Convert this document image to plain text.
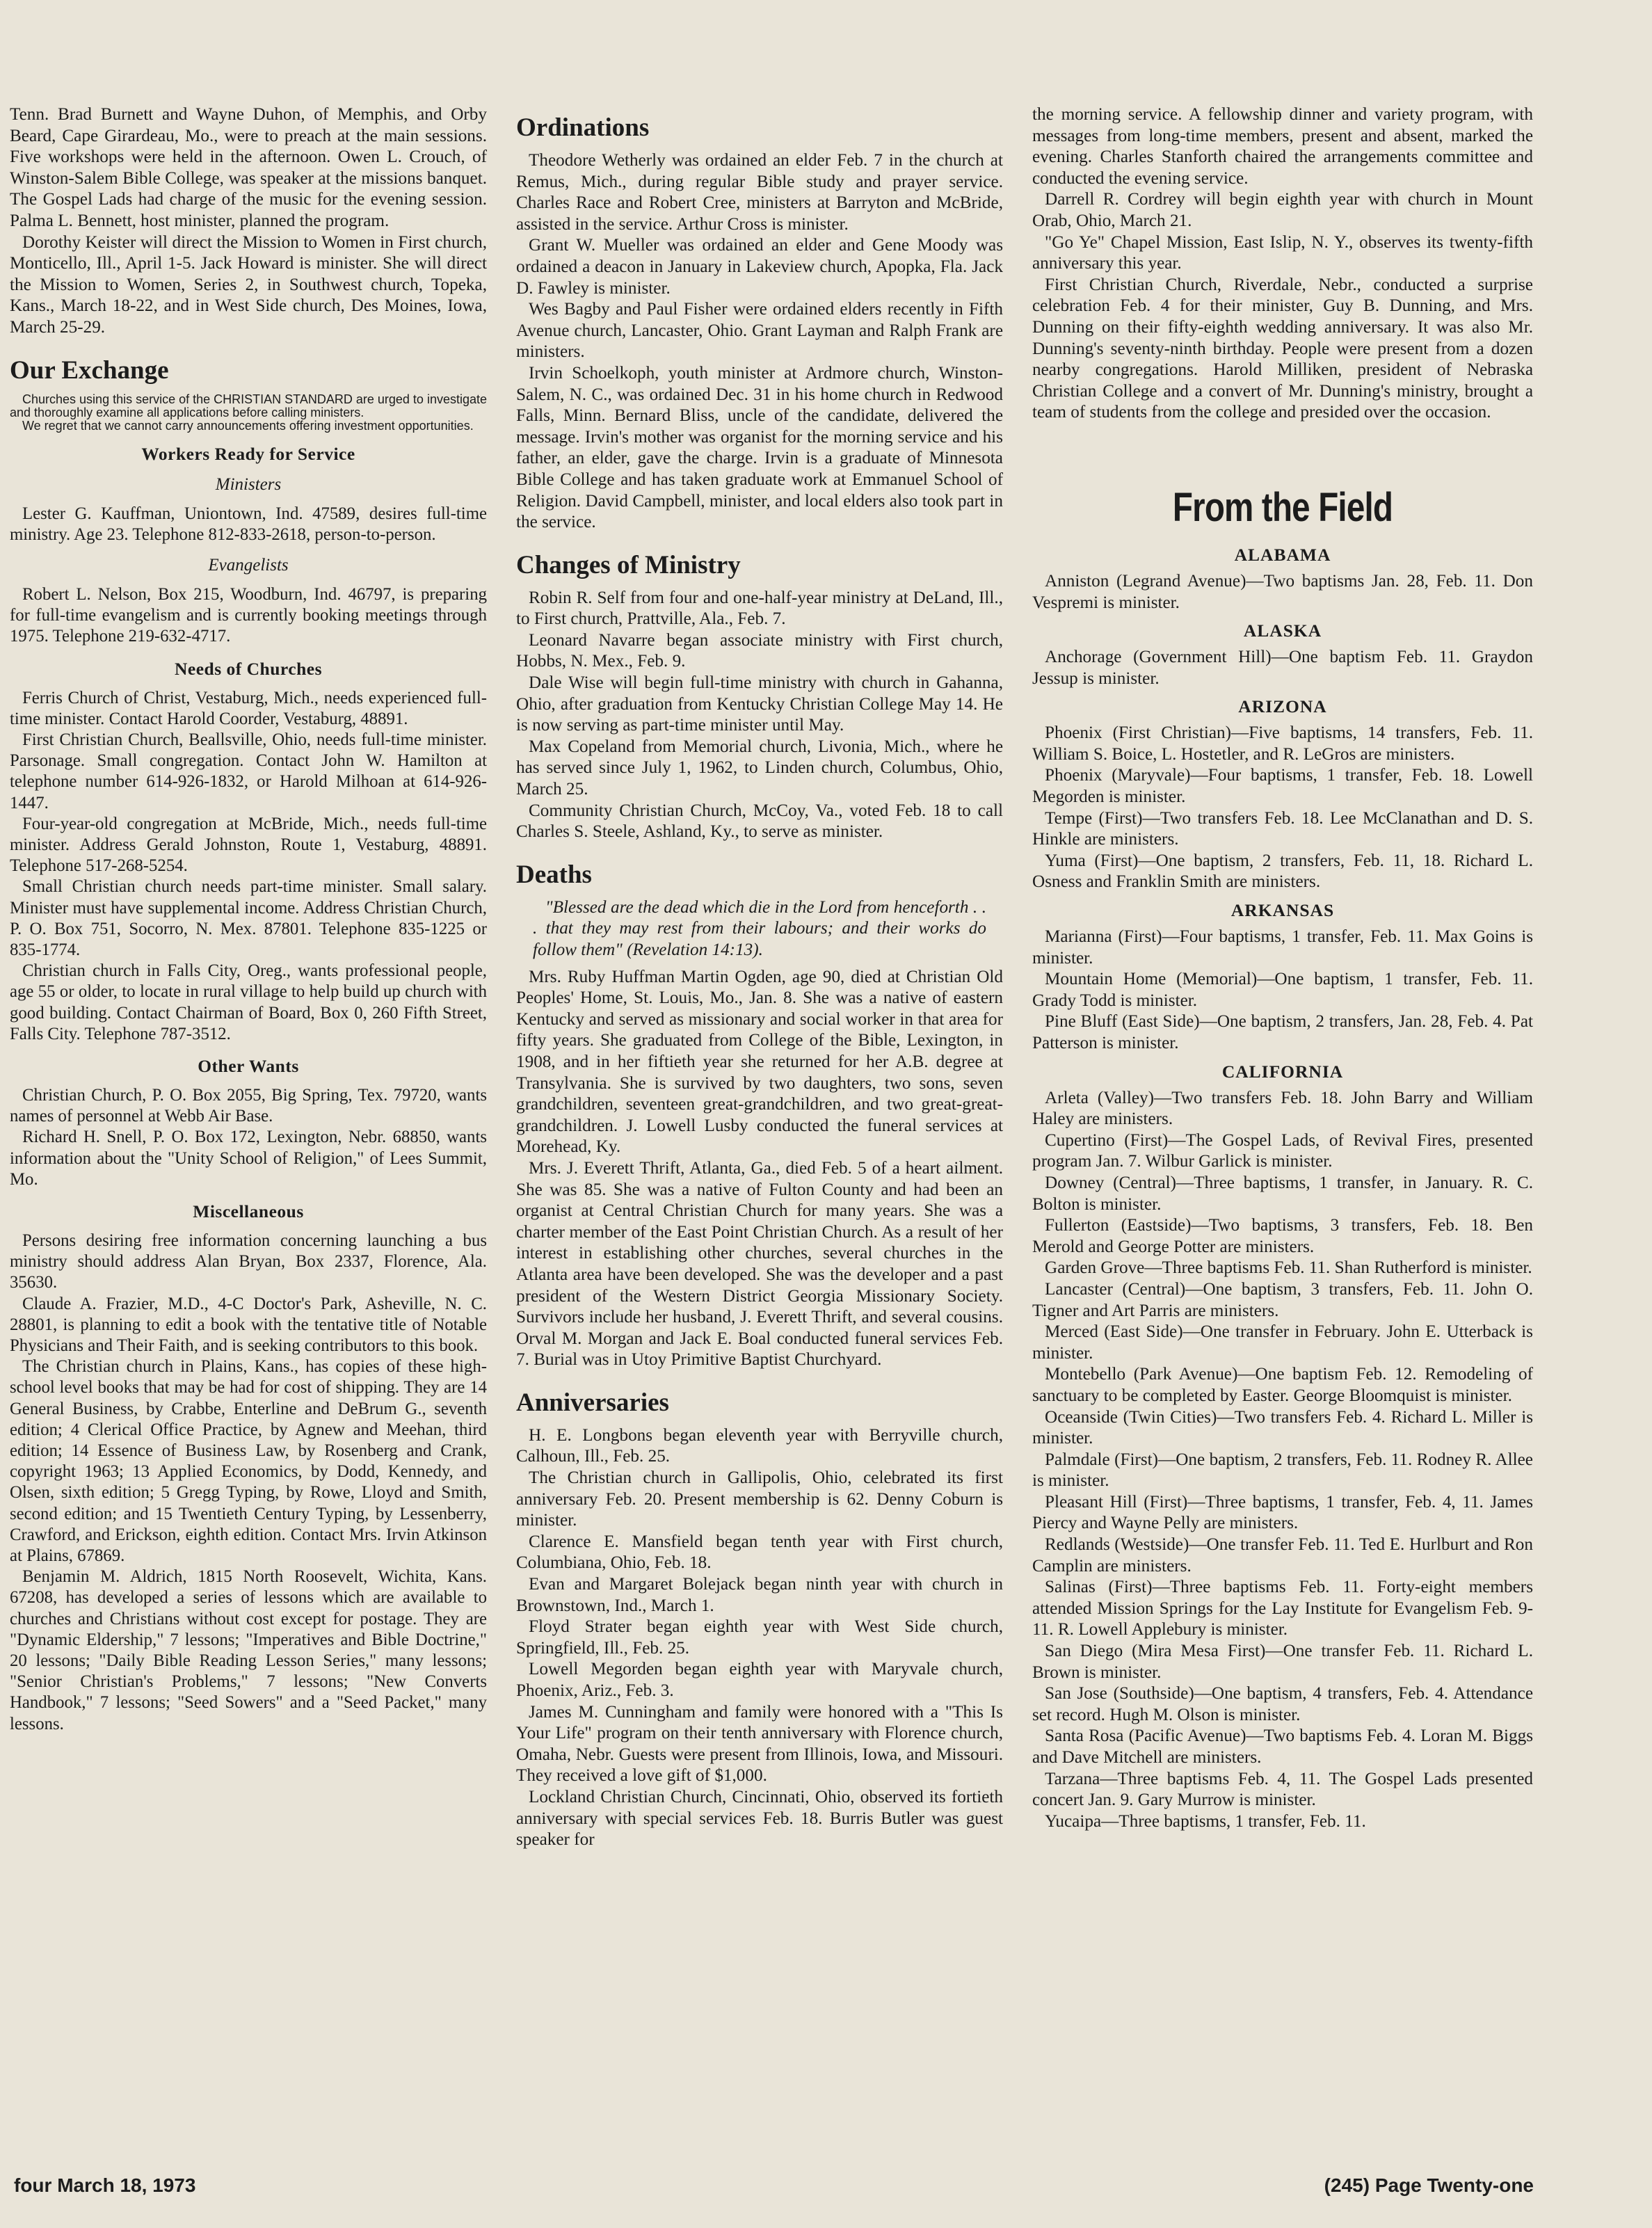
Tenn. Brad Burnett and Wayne Duhon, of Memphis, and Orby Beard, Cape Girardeau, Mo., were to preach at the main sessions. Five workshops were held in the afternoon. Owen L. Crouch, of Winston-Salem Bible College, was speaker at the missions banquet. The Gospel Lads had charge of the music for the evening session. Palma L. Bennett, host minister, planned the program.

Dorothy Keister will direct the Mission to Women in First church, Monticello, Ill., April 1-5. Jack Howard is minister. She will direct the Mission to Women, Series 2, in Southwest church, Topeka, Kans., March 18-22, and in West Side church, Des Moines, Iowa, March 25-29.

Our Exchange

Churches using this service of the CHRISTIAN STANDARD are urged to investigate and thoroughly examine all applications before calling ministers.

We regret that we cannot carry announcements offering investment opportunities.

Workers Ready for Service
Ministers

Lester G. Kauffman, Uniontown, Ind. 47589, desires full-time ministry. Age 23. Telephone 812-833-2618, person-to-person.

Evangelists

Robert L. Nelson, Box 215, Woodburn, Ind. 46797, is preparing for full-time evangelism and is currently booking meetings through 1975. Telephone 219-632-4717.

Needs of Churches

Ferris Church of Christ, Vestaburg, Mich., needs experienced full-time minister. Contact Harold Coorder, Vestaburg, 48891.

First Christian Church, Beallsville, Ohio, needs full-time minister. Parsonage. Small congregation. Contact John W. Hamilton at telephone number 614-926-1832, or Harold Milhoan at 614-926-1447.

Four-year-old congregation at McBride, Mich., needs full-time minister. Address Gerald Johnston, Route 1, Vestaburg, 48891. Telephone 517-268-5254.

Small Christian church needs part-time minister. Small salary. Minister must have supplemental income. Address Christian Church, P. O. Box 751, Socorro, N. Mex. 87801. Telephone 835-1225 or 835-1774.

Christian church in Falls City, Oreg., wants professional people, age 55 or older, to locate in rural village to help build up church with good building. Contact Chairman of Board, Box 0, 260 Fifth Street, Falls City. Telephone 787-3512.

Other Wants

Christian Church, P. O. Box 2055, Big Spring, Tex. 79720, wants names of personnel at Webb Air Base.

Richard H. Snell, P. O. Box 172, Lexington, Nebr. 68850, wants information about the "Unity School of Religion," of Lees Summit, Mo.

Miscellaneous

Persons desiring free information concerning launching a bus ministry should address Alan Bryan, Box 2337, Florence, Ala. 35630.

Claude A. Frazier, M.D., 4-C Doctor's Park, Asheville, N. C. 28801, is planning to edit a book with the tentative title of Notable Physicians and Their Faith, and is seeking contributors to this book.

The Christian church in Plains, Kans., has copies of these high-school level books that may be had for cost of shipping. They are 14 General Business, by Crabbe, Enterline and DeBrum G., seventh edition; 4 Clerical Office Practice, by Agnew and Meehan, third edition; 14 Essence of Business Law, by Rosenberg and Crank, copyright 1963; 13 Applied Economics, by Dodd, Kennedy, and Olsen, sixth edition; 5 Gregg Typing, by Rowe, Lloyd and Smith, second edition; and 15 Twentieth Century Typing, by Lessenberry, Crawford, and Erickson, eighth edition. Contact Mrs. Irvin Atkinson at Plains, 67869.

Benjamin M. Aldrich, 1815 North Roosevelt, Wichita, Kans. 67208, has developed a series of lessons which are available to churches and Christians without cost except for postage. They are "Dynamic Eldership," 7 lessons; "Imperatives and Bible Doctrine," 20 lessons; "Daily Bible Reading Lesson Series," many lessons; "Senior Christian's Problems," 7 lessons; "New Converts Handbook," 7 lessons; "Seed Sowers" and a "Seed Packet," many lessons.

Ordinations

Theodore Wetherly was ordained an elder Feb. 7 in the church at Remus, Mich., during regular Bible study and prayer service. Charles Race and Robert Cree, ministers at Barryton and McBride, assisted in the service. Arthur Cross is minister.

Grant W. Mueller was ordained an elder and Gene Moody was ordained a deacon in January in Lakeview church, Apopka, Fla. Jack D. Fawley is minister.

Wes Bagby and Paul Fisher were ordained elders recently in Fifth Avenue church, Lancaster, Ohio. Grant Layman and Ralph Frank are ministers.

Irvin Schoelkoph, youth minister at Ardmore church, Winston-Salem, N. C., was ordained Dec. 31 in his home church in Redwood Falls, Minn. Bernard Bliss, uncle of the candidate, delivered the message. Irvin's mother was organist for the morning service and his father, an elder, gave the charge. Irvin is a graduate of Minnesota Bible College and has taken graduate work at Emmanuel School of Religion. David Campbell, minister, and local elders also took part in the service.

Changes of Ministry

Robin R. Self from four and one-half-year ministry at DeLand, Ill., to First church, Prattville, Ala., Feb. 7.

Leonard Navarre began associate ministry with First church, Hobbs, N. Mex., Feb. 9.

Dale Wise will begin full-time ministry with church in Gahanna, Ohio, after graduation from Kentucky Christian College May 14. He is now serving as part-time minister until May.

Max Copeland from Memorial church, Livonia, Mich., where he has served since July 1, 1962, to Linden church, Columbus, Ohio, March 25.

Community Christian Church, McCoy, Va., voted Feb. 18 to call Charles S. Steele, Ashland, Ky., to serve as minister.

Deaths

"Blessed are the dead which die in the Lord from henceforth . . . that they may rest from their labours; and their works do follow them" (Revelation 14:13).

Mrs. Ruby Huffman Martin Ogden, age 90, died at Christian Old Peoples' Home, St. Louis, Mo., Jan. 8. She was a native of eastern Kentucky and served as missionary and social worker in that area for fifty years. She graduated from College of the Bible, Lexington, in 1908, and in her fiftieth year she returned for her A.B. degree at Transylvania. She is survived by two daughters, two sons, seven grandchildren, seventeen great-grandchildren, and two great-great-grandchildren. J. Lowell Lusby conducted the funeral services at Morehead, Ky.

Mrs. J. Everett Thrift, Atlanta, Ga., died Feb. 5 of a heart ailment. She was 85. She was a native of Fulton County and had been an organist at Central Christian Church for many years. She was a charter member of the East Point Christian Church. As a result of her interest in establishing other churches, several churches in the Atlanta area have been developed. She was the developer and a past president of the Western District Georgia Missionary Society. Survivors include her husband, J. Everett Thrift, and several cousins. Orval M. Morgan and Jack E. Boal conducted funeral services Feb. 7. Burial was in Utoy Primitive Baptist Churchyard.

Anniversaries

H. E. Longbons began eleventh year with Berryville church, Calhoun, Ill., Feb. 25.

The Christian church in Gallipolis, Ohio, celebrated its first anniversary Feb. 20. Present membership is 62. Denny Coburn is minister.

Clarence E. Mansfield began tenth year with First church, Columbiana, Ohio, Feb. 18.

Evan and Margaret Bolejack began ninth year with church in Brownstown, Ind., March 1.

Floyd Strater began eighth year with West Side church, Springfield, Ill., Feb. 25.

Lowell Megorden began eighth year with Maryvale church, Phoenix, Ariz., Feb. 3.

James M. Cunningham and family were honored with a "This Is Your Life" program on their tenth anniversary with Florence church, Omaha, Nebr. Guests were present from Illinois, Iowa, and Missouri. They received a love gift of $1,000.

Lockland Christian Church, Cincinnati, Ohio, observed its fortieth anniversary with special services Feb. 18. Burris Butler was guest speaker for

the morning service. A fellowship dinner and variety program, with messages from long-time members, present and absent, marked the evening. Charles Stanforth chaired the arrangements committee and conducted the evening service.

Darrell R. Cordrey will begin eighth year with church in Mount Orab, Ohio, March 21.

"Go Ye" Chapel Mission, East Islip, N. Y., observes its twenty-fifth anniversary this year.

First Christian Church, Riverdale, Nebr., conducted a surprise celebration Feb. 4 for their minister, Guy B. Dunning, and Mrs. Dunning on their fifty-eighth wedding anniversary. It was also Mr. Dunning's seventy-ninth birthday. People were present from a dozen nearby congregations. Harold Milliken, president of Nebraska Christian College and a convert of Mr. Dunning's ministry, brought a team of students from the college and presided over the occasion.

From the Field
ALABAMA

Anniston (Legrand Avenue)—Two baptisms Jan. 28, Feb. 11. Don Vespremi is minister.

ALASKA

Anchorage (Government Hill)—One baptism Feb. 11. Graydon Jessup is minister.

ARIZONA

Phoenix (First Christian)—Five baptisms, 14 transfers, Feb. 11. William S. Boice, L. Hostetler, and R. LeGros are ministers.

Phoenix (Maryvale)—Four baptisms, 1 transfer, Feb. 18. Lowell Megorden is minister.

Tempe (First)—Two transfers Feb. 18. Lee McClanathan and D. S. Hinkle are ministers.

Yuma (First)—One baptism, 2 transfers, Feb. 11, 18. Richard L. Osness and Franklin Smith are ministers.

ARKANSAS

Marianna (First)—Four baptisms, 1 transfer, Feb. 11. Max Goins is minister.

Mountain Home (Memorial)—One baptism, 1 transfer, Feb. 11. Grady Todd is minister.

Pine Bluff (East Side)—One baptism, 2 transfers, Jan. 28, Feb. 4. Pat Patterson is minister.

CALIFORNIA

Arleta (Valley)—Two transfers Feb. 18. John Barry and William Haley are ministers.

Cupertino (First)—The Gospel Lads, of Revival Fires, presented program Jan. 7. Wilbur Garlick is minister.

Downey (Central)—Three baptisms, 1 transfer, in January. R. C. Bolton is minister.

Fullerton (Eastside)—Two baptisms, 3 transfers, Feb. 18. Ben Merold and George Potter are ministers.

Garden Grove—Three baptisms Feb. 11. Shan Rutherford is minister.

Lancaster (Central)—One baptism, 3 transfers, Feb. 11. John O. Tigner and Art Parris are ministers.

Merced (East Side)—One transfer in February. John E. Utterback is minister.

Montebello (Park Avenue)—One baptism Feb. 12. Remodeling of sanctuary to be completed by Easter. George Bloomquist is minister.

Oceanside (Twin Cities)—Two transfers Feb. 4. Richard L. Miller is minister.

Palmdale (First)—One baptism, 2 transfers, Feb. 11. Rodney R. Allee is minister.

Pleasant Hill (First)—Three baptisms, 1 transfer, Feb. 4, 11. James Piercy and Wayne Pelly are ministers.

Redlands (Westside)—One transfer Feb. 11. Ted E. Hurlburt and Ron Camplin are ministers.

Salinas (First)—Three baptisms Feb. 11. Forty-eight members attended Mission Springs for the Lay Institute for Evangelism Feb. 9-11. R. Lowell Applebury is minister.

San Diego (Mira Mesa First)—One transfer Feb. 11. Richard L. Brown is minister.

San Jose (Southside)—One baptism, 4 transfers, Feb. 4. Attendance set record. Hugh M. Olson is minister.

Santa Rosa (Pacific Avenue)—Two baptisms Feb. 4. Loran M. Biggs and Dave Mitchell are ministers.

Tarzana—Three baptisms Feb. 4, 11. The Gospel Lads presented concert Jan. 9. Gary Murrow is minister.

Yucaipa—Three baptisms, 1 transfer, Feb. 11.

four March 18, 1973	(245) Page Twenty-one
